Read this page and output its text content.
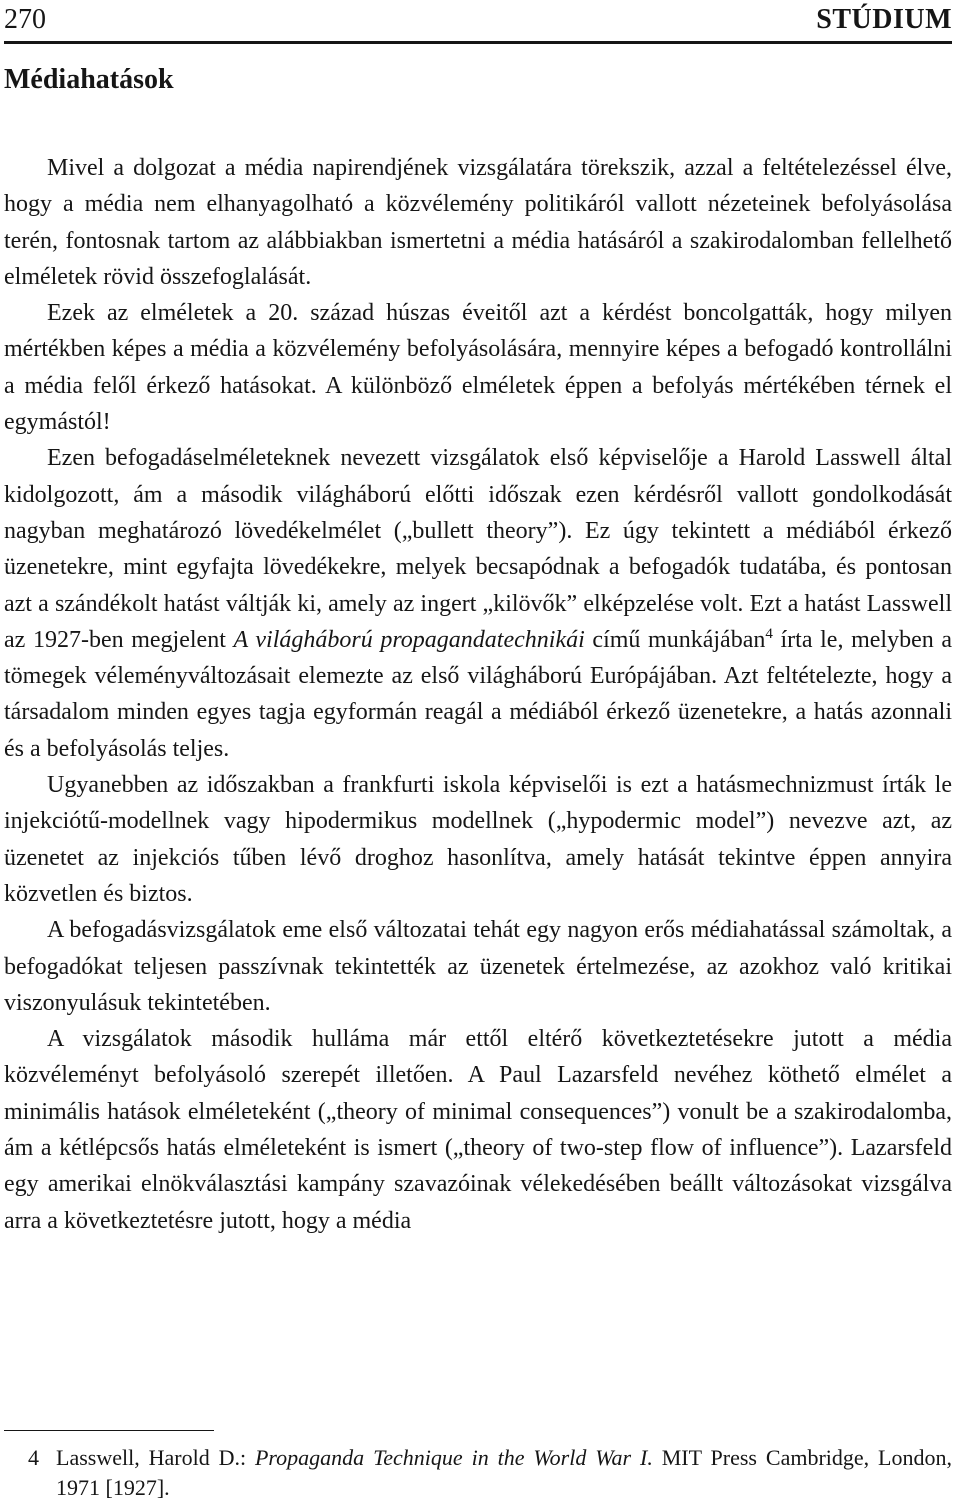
270	STÚDIUM
Médiahatások

Mivel a dolgozat a média napirendjének vizsgálatára törekszik, azzal a feltételezéssel élve, hogy a média nem elhanyagolható a közvélemény politikáról vallott nézeteinek befolyásolása terén, fontosnak tartom az alábbiakban ismertetni a média hatásáról a szakirodalomban fellelhető elméletek rövid összefoglalását.

Ezek az elméletek a 20. század húszas éveitől azt a kérdést boncolgatták, hogy milyen mértékben képes a média a közvélemény befolyásolására, mennyire képes a befogadó kontrollálni a média felől érkező hatásokat. A különböző elméletek éppen a befolyás mértékében térnek el egymástól!

Ezen befogadáselméleteknek nevezett vizsgálatok első képviselője a Harold Lasswell által kidolgozott, ám a második világháború előtti időszak ezen kérdésről vallott gondolkodását nagyban meghatározó lövedékelmélet („bullett theory”). Ez úgy tekintett a médiából érkező üzenetekre, mint egyfajta lövedékekre, melyek becsapódnak a befogadók tudatába, és pontosan azt a szándékolt hatást váltják ki, amely az ingert „kilövők” elképzelése volt. Ezt a hatást Lasswell az 1927-ben megjelent A világháború propagandatechnikái című munkájában$^4$ írta le, melyben a tömegek véleményváltozásait elemezte az első világháború Európájában. Azt feltételezte, hogy a társadalom minden egyes tagja egyformán reagál a médiából érkező üzenetekre, a hatás azonnali és a befolyásolás teljes.

Ugyanebben az időszakban a frankfurti iskola képviselői is ezt a hatásmechnizmust írták le injekciótű-modellnek vagy hipodermikus modellnek („hypodermic model”) nevezve azt, az üzenetet az injekciós tűben lévő droghoz hasonlítva, amely hatását tekintve éppen annyira közvetlen és biztos.

A befogadásvizsgálatok eme első változatai tehát egy nagyon erős médiahatással számoltak, a befogadókat teljesen passzívnak tekintették az üzenetek értelmezése, az azokhoz való kritikai viszonyulásuk tekintetében.

A vizsgálatok második hulláma már ettől eltérő következtetésekre jutott a média közvéleményt befolyásoló szerepét illetően. A Paul Lazarsfeld nevéhez köthető elmélet a minimális hatások elméleteként („theory of minimal consequences”) vonult be a szakirodalomba, ám a kétlépcsős hatás elméleteként is ismert („theory of two-step flow of influence”). Lazarsfeld egy amerikai elnökválasztási kampány szavazóinak vélekedésében beállt változásokat vizsgálva arra a következtetésre jutott, hogy a média

4 Lasswell, Harold D.: Propaganda Technique in the World War I. MIT Press Cambridge, London, 1971 [1927].
